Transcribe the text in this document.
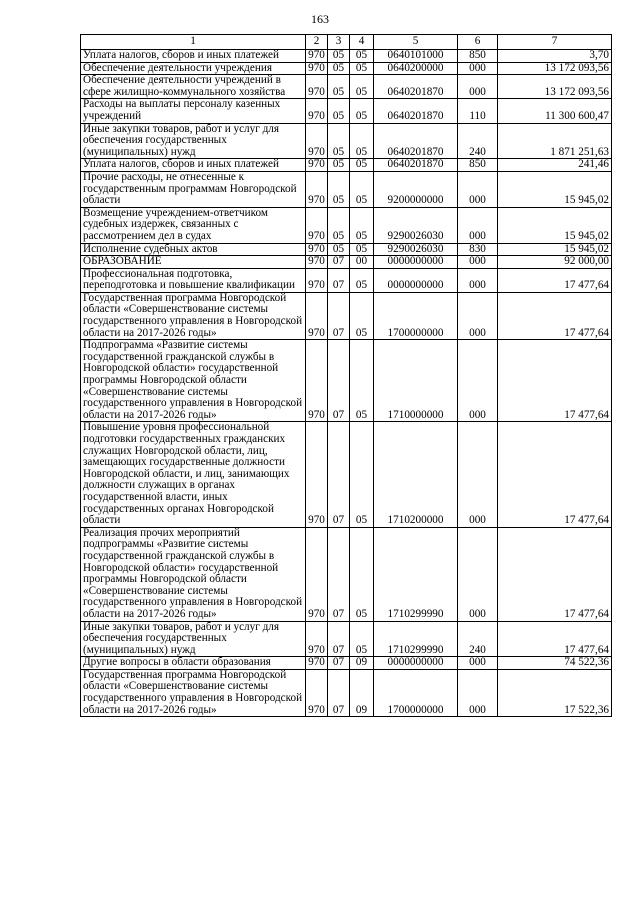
163
1	2	3	4	5	6	7
Уплата налогов, сборов и иных платежей	970	05	05	0640101000	850	3,70
Обеспечение деятельности учреждения	970	05	05	0640200000	000	13 172 093,56
Обеспечение деятельности учреждений в сфере жилищно-коммунального хозяйства	970	05	05	0640201870	000	13 172 093,56
Расходы на выплаты персоналу казенных учреждений	970	05	05	0640201870	110	11 300 600,47
Иные закупки товаров, работ и услуг для обеспечения государственных (муниципальных) нужд	970	05	05	0640201870	240	1 871 251,63
Уплата налогов, сборов и иных платежей	970	05	05	0640201870	850	241,46
Прочие расходы, не отнесенные к государственным программам Новгородской области	970	05	05	9200000000	000	15 945,02
Возмещение учреждением-ответчиком судебных издержек, связанных с рассмотрением дел в судах	970	05	05	9290026030	000	15 945,02
Исполнение судебных актов	970	05	05	9290026030	830	15 945,02
ОБРАЗОВАНИЕ	970	07	00	0000000000	000	92 000,00
Профессиональная подготовка, переподготовка и повышение квалификации	970	07	05	0000000000	000	17 477,64
Государственная программа Новгородской области «Совершенствование системы государственного управления в Новгородской области на 2017-2026 годы»	970	07	05	1700000000	000	17 477,64
Подпрограмма «Развитие системы государственной гражданской службы в Новгородской области» государственной программы Новгородской области «Совершенствование системы государственного управления в Новгородской области на 2017-2026 годы»	970	07	05	1710000000	000	17 477,64
Повышение уровня профессиональной подготовки государственных гражданских служащих Новгородской области, лиц, замещающих государственные должности Новгородской области, и лиц, занимающих должности служащих в органах государственной власти, иных государственных органах Новгородской области	970	07	05	1710200000	000	17 477,64
Реализация прочих мероприятий подпрограммы «Развитие системы государственной гражданской службы в Новгородской области» государственной программы Новгородской области «Совершенствование системы государственного управления в Новгородской области на 2017-2026 годы»	970	07	05	1710299990	000	17 477,64
Иные закупки товаров, работ и услуг для обеспечения государственных (муниципальных) нужд	970	07	05	1710299990	240	17 477,64
Другие вопросы в области образования	970	07	09	0000000000	000	74 522,36
Государственная программа Новгородской области «Совершенствование системы государственного управления в Новгородской области на 2017-2026 годы»	970	07	09	1700000000	000	17 522,36
